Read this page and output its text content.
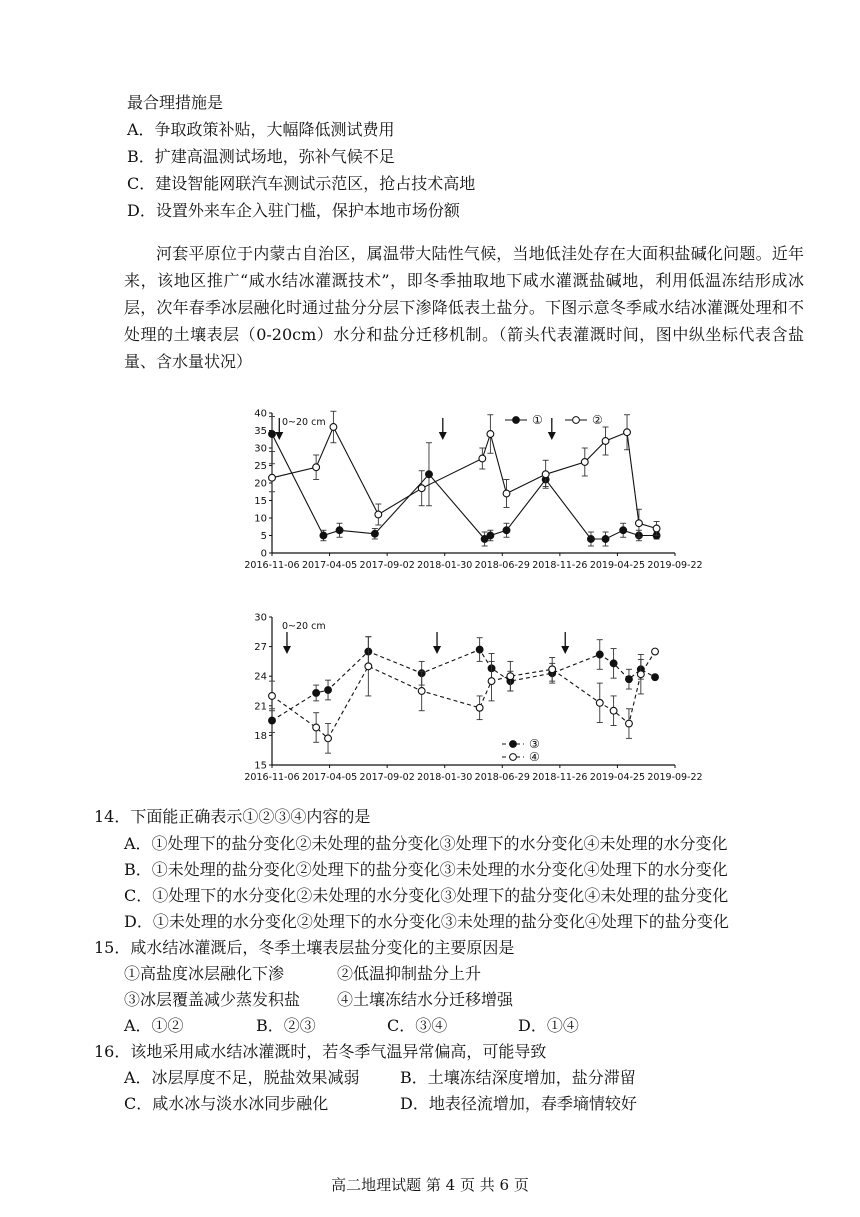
最合理措施是
A．争取政策补贴，大幅降低测试费用
B．扩建高温测试场地，弥补气候不足
C．建设智能网联汽车测试示范区，抢占技术高地
D．设置外来车企入驻门槛，保护本地市场份额

河套平原位于内蒙古自治区，属温带大陆性气候，当地低洼处存在大面积盐碱化问题。近年来，该地区推广“咸水结冰灌溉技术”，即冬季抽取地下咸水灌溉盐碱地，利用低温冻结形成冰层，次年春季冰层融化时通过盐分分层下渗降低表土盐分。下图示意冬季咸水结冰灌溉处理和不处理的土壤表层（0-20cm）水分和盐分迁移机制。（箭头代表灌溉时间，图中纵坐标代表含盐量、含水量状况）

0
5
10
15
20
25
30
35
40
2016-11-06 2017-04-05 2017-09-02 2018-01-30 2018-06-29 2018-11-26 2019-04-25 2019-09-22
0~20 cm	①	②
15
18
21
24
27
30
2016-11-06 2017-04-05 2017-09-02 2018-01-30 2018-06-29 2018-11-26 2019-04-25 2019-09-22
0~20 cm
③
④
14．下面能正确表示①②③④内容的是
A．①处理下的盐分变化②未处理的盐分变化③处理下的水分变化④未处理的水分变化
B．①未处理的盐分变化②处理下的盐分变化③未处理的水分变化④处理下的水分变化
C．①处理下的水分变化②未处理的水分变化③处理下的盐分变化④未处理的盐分变化
D．①未处理的水分变化②处理下的水分变化③未处理的盐分变化④处理下的盐分变化
15．咸水结冰灌溉后，冬季土壤表层盐分变化的主要原因是
①高盐度冰层融化下渗	②低温抑制盐分上升
③冰层覆盖减少蒸发积盐 ④土壤冻结水分迁移增强
A．①②	B．②③	C．③④	D．①④
16．该地采用咸水结冰灌溉时，若冬季气温异常偏高，可能导致
A．冰层厚度不足，脱盐效果减弱	B．土壤冻结深度增加，盐分滞留
C．咸水冰与淡水冰同步融化	D．地表径流增加，春季墒情较好
高二地理试题 第 4 页 共 6 页
